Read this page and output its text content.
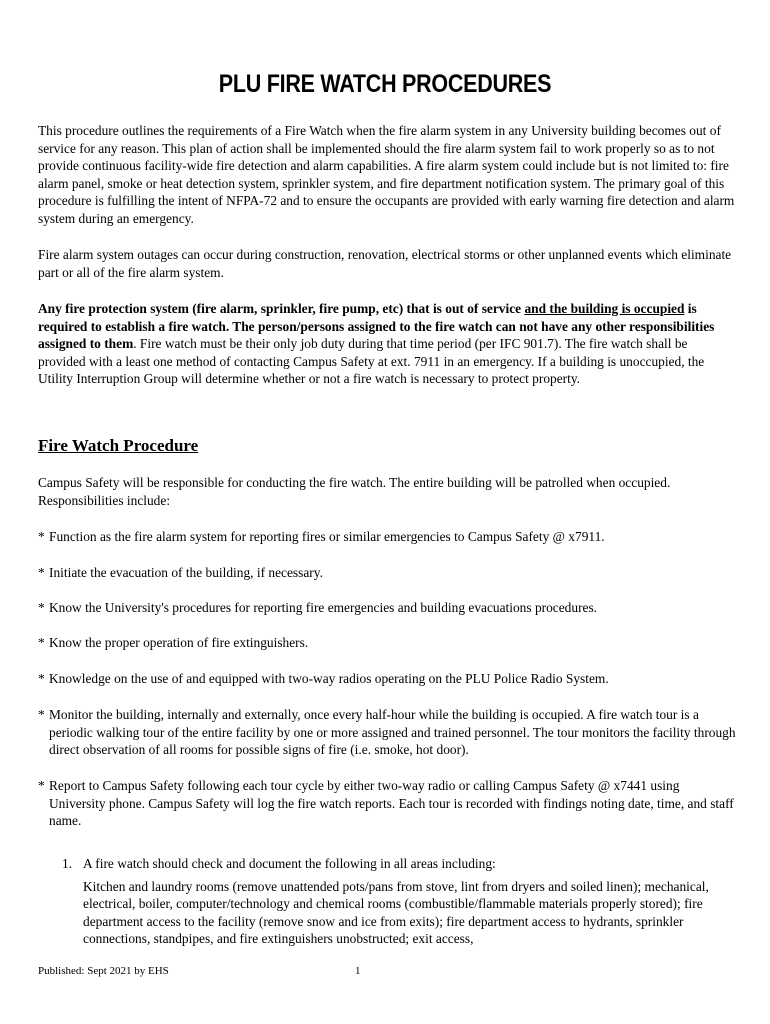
PLU FIRE WATCH PROCEDURES

This procedure outlines the requirements of a Fire Watch when the fire alarm system in any University building becomes out of service for any reason. This plan of action shall be implemented should the fire alarm system fail to work properly so as to not provide continuous facility-wide fire detection and alarm capabilities. A fire alarm system could include but is not limited to: fire alarm panel, smoke or heat detection system, sprinkler system, and fire department notification system. The primary goal of this procedure is fulfilling the intent of NFPA-72 and to ensure the occupants are provided with early warning fire detection and alarm system during an emergency.

Fire alarm system outages can occur during construction, renovation, electrical storms or other unplanned events which eliminate part or all of the fire alarm system.

Any fire protection system (fire alarm, sprinkler, fire pump, etc) that is out of service and the building is occupied is required to establish a fire watch. The person/persons assigned to the fire watch can not have any other responsibilities assigned to them. Fire watch must be their only job duty during that time period (per IFC 901.7). The fire watch shall be provided with a least one method of contacting Campus Safety at ext. 7911 in an emergency. If a building is unoccupied, the Utility Interruption Group will determine whether or not a fire watch is necessary to protect property.

Fire Watch Procedure

Campus Safety will be responsible for conducting the fire watch. The entire building will be patrolled when occupied. Responsibilities include:

* Function as the fire alarm system for reporting fires or similar emergencies to Campus Safety @ x7911.
* Initiate the evacuation of the building, if necessary.
* Know the University's procedures for reporting fire emergencies and building evacuations procedures.
* Know the proper operation of fire extinguishers.
* Knowledge on the use of and equipped with two-way radios operating on the PLU Police Radio System.
* Monitor the building, internally and externally, once every half-hour while the building is occupied. A fire watch tour is a periodic walking tour of the entire facility by one or more assigned and trained personnel. The tour monitors the facility through direct observation of all rooms for possible signs of fire (i.e. smoke, hot door).
* Report to Campus Safety following each tour cycle by either two-way radio or calling Campus Safety @ x7441 using University phone. Campus Safety will log the fire watch reports. Each tour is recorded with findings noting date, time, and staff name.
1. A fire watch should check and document the following in all areas including:
Kitchen and laundry rooms (remove unattended pots/pans from stove, lint from dryers and soiled linen); mechanical, electrical, boiler, computer/technology and chemical rooms (combustible/flammable materials properly stored); fire department access to the facility (remove snow and ice from exits); fire department access to hydrants, sprinkler connections, standpipes, and fire extinguishers unobstructed; exit access,
Published: Sept 2021 by EHS	1
